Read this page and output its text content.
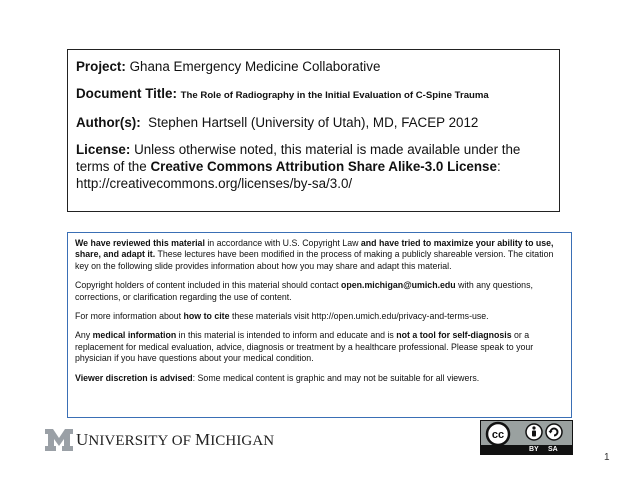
Project: Ghana Emergency Medicine Collaborative
Document Title: The Role of Radiography in the Initial Evaluation of C-Spine Trauma
Author(s): Stephen Hartsell (University of Utah), MD, FACEP 2012
License: Unless otherwise noted, this material is made available under the terms of the Creative Commons Attribution Share Alike-3.0 License:
http://creativecommons.org/licenses/by-sa/3.0/

We have reviewed this material in accordance with U.S. Copyright Law and have tried to maximize your ability to use, share, and adapt it. These lectures have been modified in the process of making a publicly shareable version. The citation key on the following slide provides information about how you may share and adapt this material.

Copyright holders of content included in this material should contact open.michigan@umich.edu with any questions, corrections, or clarification regarding the use of content.

For more information about how to cite these materials visit http://open.umich.edu/privacy-and-terms-use.

Any medical information in this material is intended to inform and educate and is not a tool for self-diagnosis or a replacement for medical evaluation, advice, diagnosis or treatment by a healthcare professional. Please speak to your physician if you have questions about your medical condition.

Viewer discretion is advised: Some medical content is graphic and may not be suitable for all viewers.

UNIVERSITY OF MICHIGAN	cc
BY SA
1
